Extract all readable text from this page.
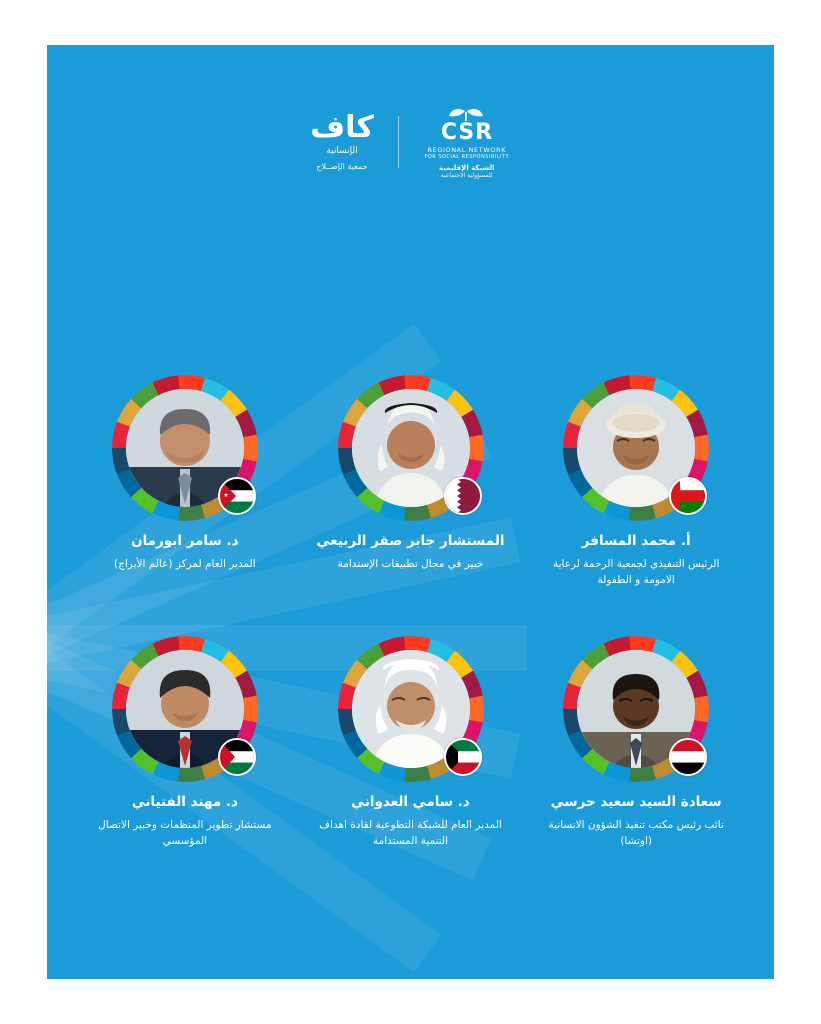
كاف
الإنسانية
جمعية الإصــلاح
CSR
REGIONAL NETWORK
FOR SOCIAL RESPONSIBILITY
الشبكة الإقليمية
للمسؤولية الاجتماعية
د. سامر ابورمان
المدير العام لمركز (عالم الأبراج)
المستشار جابر صقر الربيعي
خبير في مجال تطبيقات الإستدامة
أ. محمد المسافر
الرئيس التنفيذي لجمعية الرحمة لرعاية الامومة و الطفولة
د. مهند الفتياني
مستشار تطوير المنظمات وخبير الاتصال المؤسسي
د. سامي العدواني
المدير العام للشبكة التطوعية لقادة اهداف التنمية المستدامة
سعادة السيد سعيد حرسي
نائب رئيس مكتب تنفيذ الشؤون الانسانية (اوتشا)
